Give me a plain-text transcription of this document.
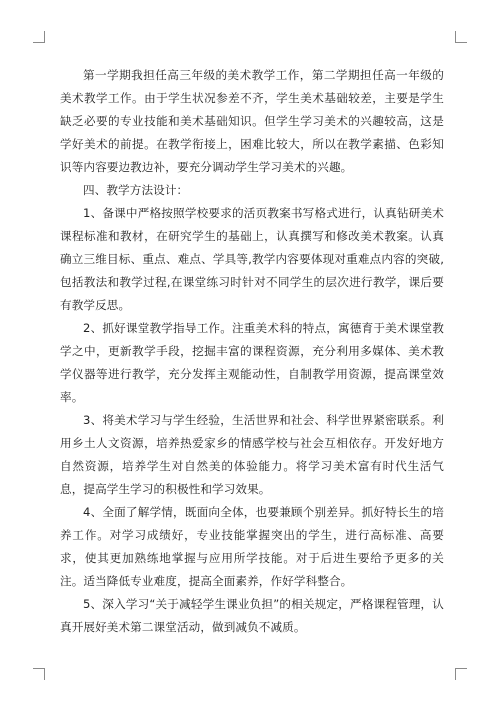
第一学期我担任高三年级的美术教学工作，第二学期担任高一年级的美术教学工作。由于学生状况参差不齐，学生美术基础较差，主要是学生缺乏必要的专业技能和美术基础知识。但学生学习美术的兴趣较高，这是学好美术的前提。在教学衔接上，困难比较大，所以在教学素描、色彩知识等内容要边教边补，要充分调动学生学习美术的兴趣。

四、教学方法设计：

1、备课中严格按照学校要求的活页教案书写格式进行，认真钻研美术课程标准和教材，在研究学生的基础上，认真撰写和修改美术教案。认真确立三维目标、重点、难点、学具等,教学内容要体现对重难点内容的突破,包括教法和教学过程,在课堂练习时针对不同学生的层次进行教学，课后要有教学反思。

2、抓好课堂教学指导工作。注重美术科的特点，寓德育于美术课堂教学之中，更新教学手段，挖掘丰富的课程资源，充分利用多媒体、美术教学仪器等进行教学，充分发挥主观能动性，自制教学用资源，提高课堂效率。

3、将美术学习与学生经验，生活世界和社会、科学世界紧密联系。利用乡土人文资源，培养热爱家乡的情感学校与社会互相依存。开发好地方自然资源，培养学生对自然美的体验能力。将学习美术富有时代生活气息，提高学生学习的积极性和学习效果。

4、全面了解学情，既面向全体，也要兼顾个别差异。抓好特长生的培养工作。对学习成绩好，专业技能掌握突出的学生，进行高标准、高要求，使其更加熟练地掌握与应用所学技能。对于后进生要给予更多的关注。适当降低专业难度，提高全面素养，作好学科整合。

5、深入学习“关于减轻学生课业负担”的相关规定，严格课程管理，认真开展好美术第二课堂活动，做到减负不减质。
